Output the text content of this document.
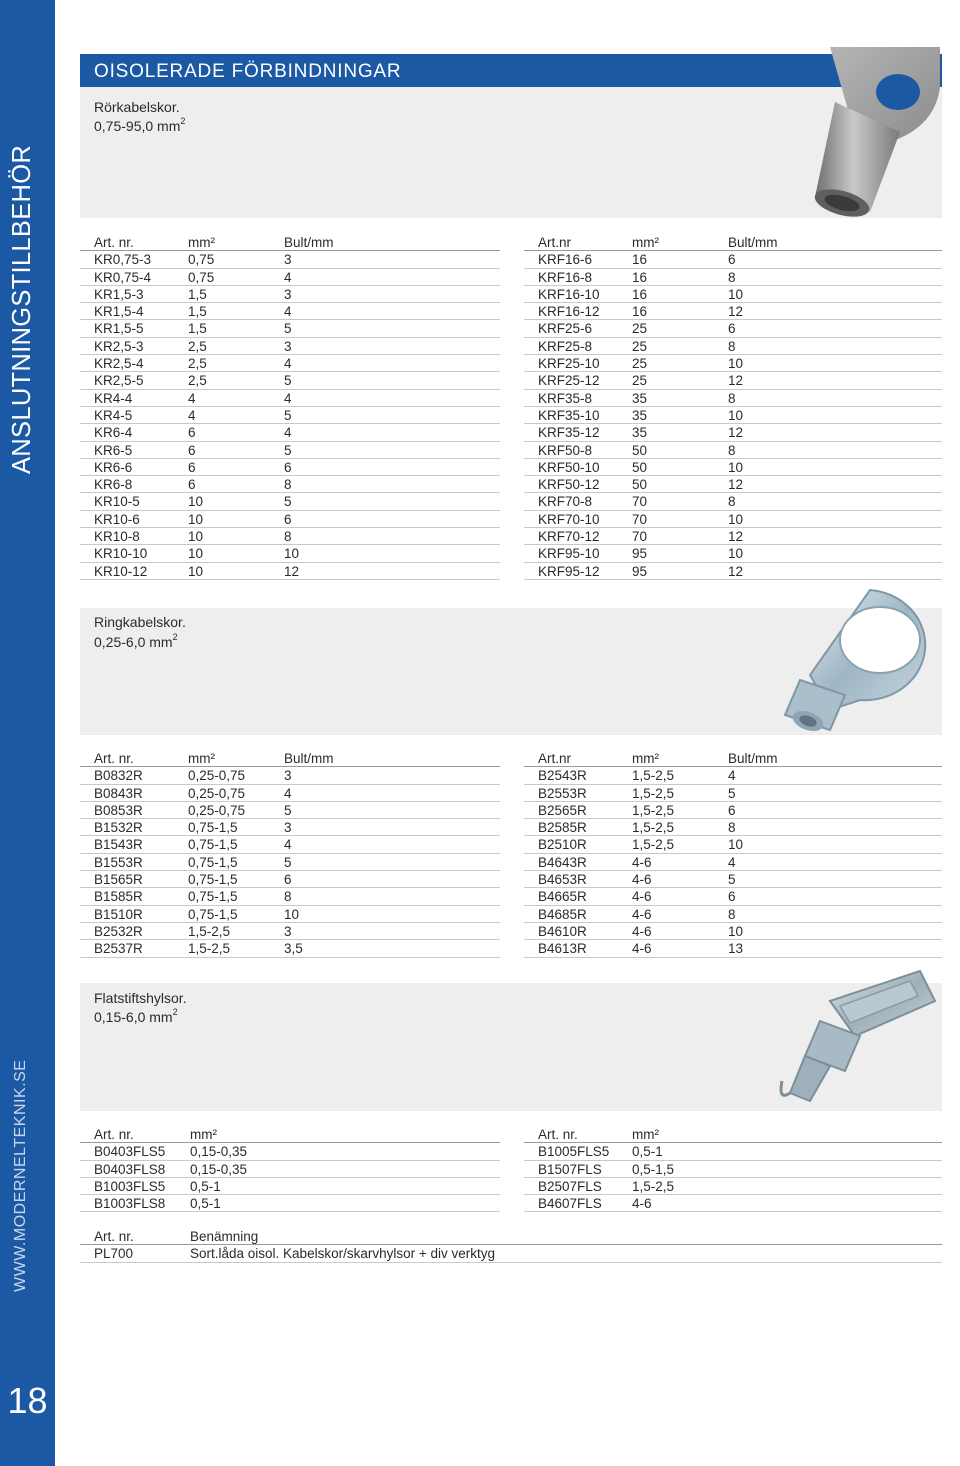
ANSLUTNINGSTILLBEHÖR
WWW.MODERNELTEKNIK.SE
18
OISOLERADE FÖRBINDNINGAR
Rörkabelskor.
0,75-95,0 $mm^2$
Art. nr.	mm²	Bult/mm
KR0,75-3	0,75	3
KR0,75-4	0,75	4
KR1,5-3	1,5	3
KR1,5-4	1,5	4
KR1,5-5	1,5	5
KR2,5-3	2,5	3
KR2,5-4	2,5	4
KR2,5-5	2,5	5
KR4-4	4	4
KR4-5	4	5
KR6-4	6	4
KR6-5	6	5
KR6-6	6	6
KR6-8	6	8
KR10-5	10	5
KR10-6	10	6
KR10-8	10	8
KR10-10	10	10
KR10-12	10	12
Art.nr	mm²	Bult/mm
KRF16-6	16	6
KRF16-8	16	8
KRF16-10 16	10
KRF16-12 16	12
KRF25-6	25	6
KRF25-8	25	8
KRF25-10 25	10
KRF25-12 25	12
KRF35-8	35	8
KRF35-10 35	10
KRF35-12 35	12
KRF50-8	50	8
KRF50-10 50	10
KRF50-12 50	12
KRF70-8	70	8
KRF70-10 70	10
KRF70-12 70	12
KRF95-10 95	10
KRF95-12 95	12
Ringkabelskor.
0,25-6,0 $mm^2$
Art. nr.	mm²	Bult/mm
B0832R	0,25-0,75	3
B0843R	0,25-0,75	4
B0853R	0,25-0,75	5
B1532R	0,75-1,5	3
B1543R	0,75-1,5	4
B1553R	0,75-1,5	5
B1565R	0,75-1,5	6
B1585R	0,75-1,5	8
B1510R	0,75-1,5	10
B2532R	1,5-2,5	3
B2537R	1,5-2,5	3,5
Art.nr	mm²	Bult/mm
B2543R	1,5-2,5	4
B2553R	1,5-2,5	5
B2565R	1,5-2,5	6
B2585R	1,5-2,5	8
B2510R	1,5-2,5	10
B4643R	4-6	4
B4653R	4-6	5
B4665R	4-6	6
B4685R	4-6	8
B4610R	4-6	10
B4613R	4-6	13
Flatstiftshylsor.
0,15-6,0 $mm^2$
Art. nr.	mm²
B0403FLS5 0,15-0,35
B0403FLS8 0,15-0,35
B1003FLS5 0,5-1
B1003FLS8 0,5-1
Art. nr.	mm²
B1005FLS5 0,5-1
B1507FLS 0,5-1,5
B2507FLS 1,5-2,5
B4607FLS 4-6
Art. nr.	Benämning
PL700	Sort.låda oisol. Kabelskor/skarvhylsor + div verktyg
